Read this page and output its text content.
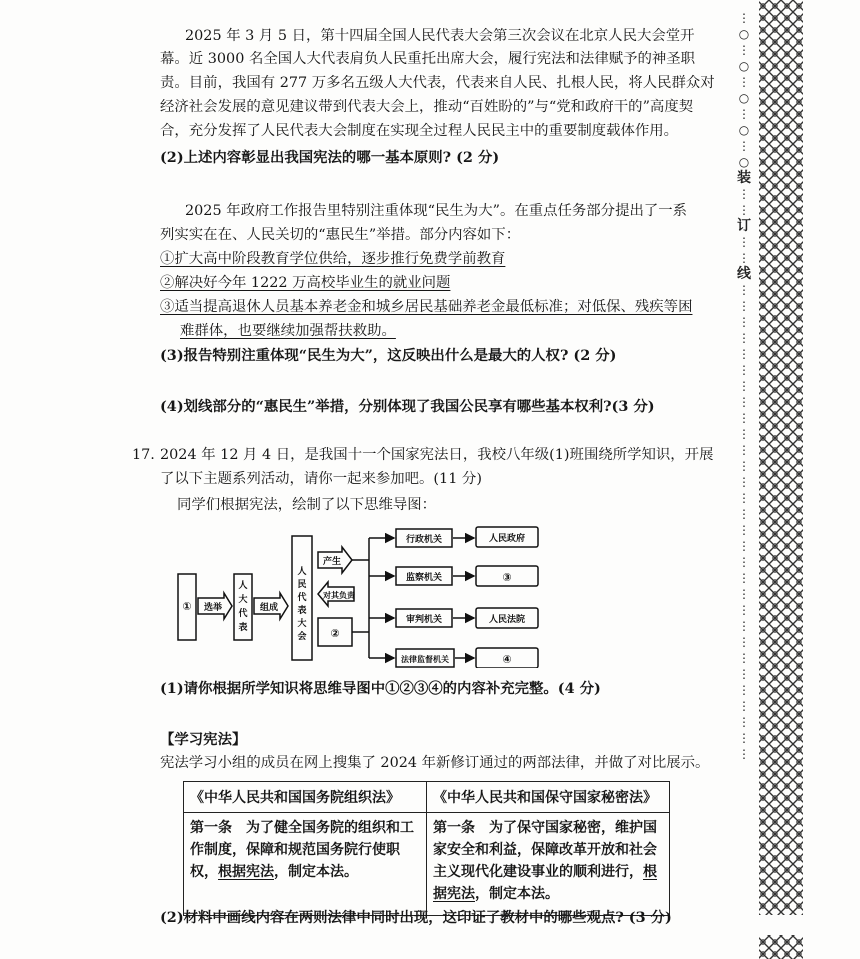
⋮
○
⋮
○
⋮
○
⋮
○
⋮
○
装
⋮
⋮
订
⋮
⋮
线
⋮
⋮
⋮
⋮
⋮
⋮
⋮
⋮
⋮
⋮
⋮
⋮
⋮
⋮
⋮
⋮
⋮
⋮
⋮
⋮
⋮
⋮
⋮
⋮
⋮
⋮
⋮
⋮
⋮
⋮
2025 年 3 月 5 日，第十四届全国人民代表大会第三次会议在北京人民大会堂开
幕。近 3000 名全国人大代表肩负人民重托出席大会，履行宪法和法律赋予的神圣职
责。目前，我国有 277 万多名五级人大代表，代表来自人民、扎根人民，将人民群众对
经济社会发展的意见建议带到代表大会上，推动“百姓盼的”与“党和政府干的”高度契
合，充分发挥了人民代表大会制度在实现全过程人民民主中的重要制度载体作用。
(2)上述内容彰显出我国宪法的哪一基本原则? (2 分)
2025 年政府工作报告里特别注重体现“民生为大”。在重点任务部分提出了一系
列实实在在、人民关切的“惠民生”举措。部分内容如下：
①扩大高中阶段教育学位供给，逐步推行免费学前教育
②解决好今年 1222 万高校毕业生的就业问题
③适当提高退休人员基本养老金和城乡居民基础养老金最低标准；对低保、残疾等困
难群体，也要继续加强帮扶救助。
(3)报告特别注重体现“民生为大”，这反映出什么是最大的人权? (2 分)
(4)划线部分的“惠民生”举措，分别体现了我国公民享有哪些基本权利?(3 分)
17. 2024 年 12 月 4 日，是我国十一个国家宪法日，我校八年级(1)班围绕所学知识，开展
了以下主题系列活动，请你一起来参加吧。(11 分)
同学们根据宪法，绘制了以下思维导图：
① 选举
人
大
代
表
组成
人
民
代
表
大
会
产生
对其负责
②
行政机关
监察机关
审判机关
法律监督机关
人民政府
③
人民法院
④
(1)请你根据所学知识将思维导图中①②③④的内容补充完整。(4 分)
【学习宪法】
宪法学习小组的成员在网上搜集了 2024 年新修订通过的两部法律，并做了对比展示。
《中华人民共和国国务院组织法》	《中华人民共和国保守国家秘密法》
第一条　为了健全国务院的组织和工作制度，保障和规范国务院行使职权，根据宪法，制定本法。	第一条　为了保守国家秘密，维护国家安全和利益，保障改革开放和社会主义现代化建设事业的顺利进行，根据宪法，制定本法。
(2)材料中画线内容在两则法律中同时出现，这印证了教材中的哪些观点? (3 分)
